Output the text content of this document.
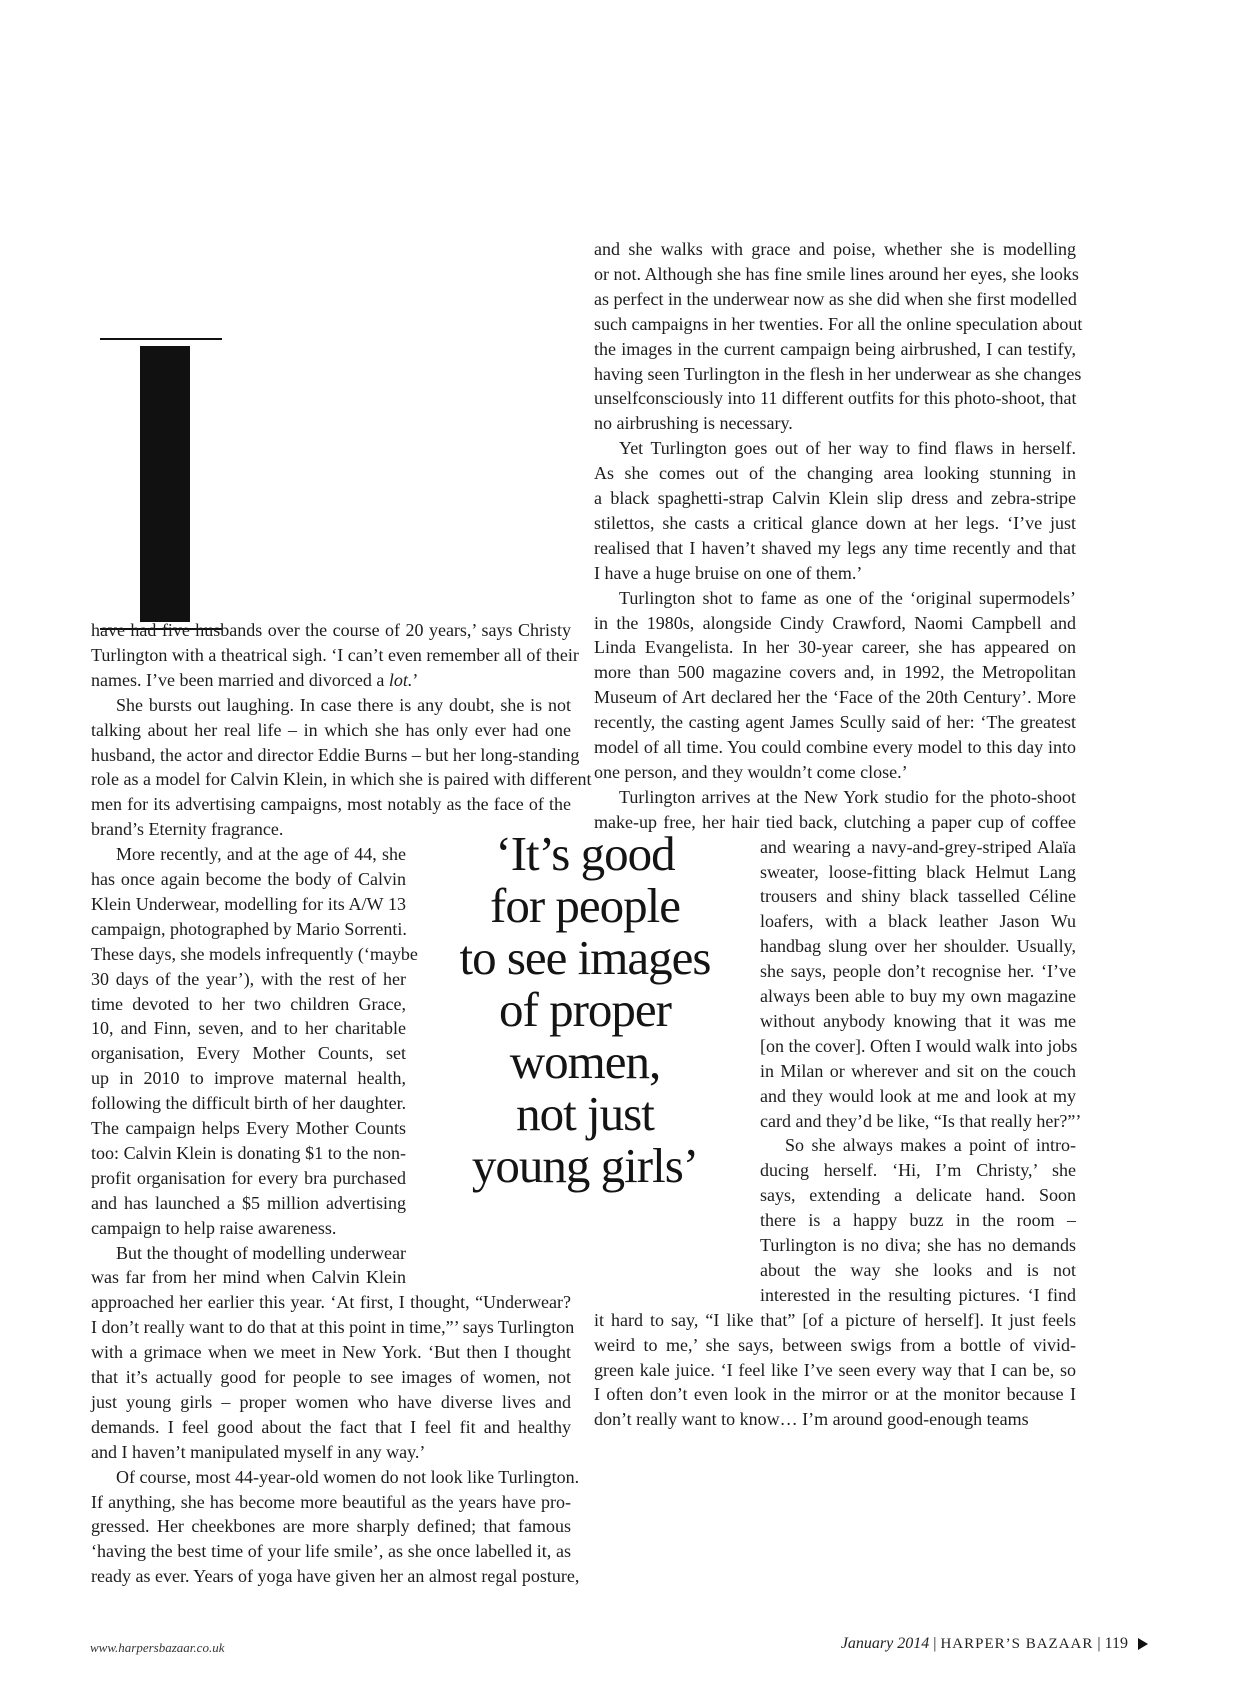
have had five husbands over the course of 20 years,’ says Christy
Turlington with a theatrical sigh. ‘I can’t even remember all of their
names. I’ve been married and divorced a lot.’
She bursts out laughing. In case there is any doubt, she is not
talking about her real life – in which she has only ever had one
husband, the actor and director Eddie Burns – but her long-standing
role as a model for Calvin Klein, in which she is paired with different
men for its advertising campaigns, most notably as the face of the
brand’s Eternity fragrance.
More recently, and at the age of 44, she
has once again become the body of Calvin
Klein Underwear, modelling for its A/W 13
campaign, photographed by Mario Sorrenti.
These days, she models infrequently (‘maybe
30 days of the year’), with the rest of her
time devoted to her two children Grace,
10, and Finn, seven, and to her charitable
organisation, Every Mother Counts, set
up in 2010 to improve maternal health,
following the difficult birth of her daughter.
The campaign helps Every Mother Counts
too: Calvin Klein is donating $1 to the non-
profit organisation for every bra purchased
and has launched a $5 million advertising
campaign to help raise awareness.
But the thought of modelling underwear
was far from her mind when Calvin Klein
approached her earlier this year. ‘At first, I thought, “Underwear?
I don’t really want to do that at this point in time,”’ says Turlington
with a grimace when we meet in New York. ‘But then I thought
that it’s actually good for people to see images of women, not
just young girls – proper women who have diverse lives and
demands. I feel good about the fact that I feel fit and healthy
and I haven’t manipulated myself in any way.’
Of course, most 44-year-old women do not look like Turlington.
If anything, she has become more beautiful as the years have pro-
gressed. Her cheekbones are more sharply defined; that famous
‘having the best time of your life smile’, as she once labelled it, as
ready as ever. Years of yoga have given her an almost regal posture,
and she walks with grace and poise, whether she is modelling
or not. Although she has fine smile lines around her eyes, she looks
as perfect in the underwear now as she did when she first modelled
such campaigns in her twenties. For all the online speculation about
the images in the current campaign being airbrushed, I can testify,
having seen Turlington in the flesh in her underwear as she changes
unselfconsciously into 11 different outfits for this photo-shoot, that
no airbrushing is necessary.
Yet Turlington goes out of her way to find flaws in herself.
As she comes out of the changing area looking stunning in
a black spaghetti-strap Calvin Klein slip dress and zebra-stripe
stilettos, she casts a critical glance down at her legs. ‘I’ve just
realised that I haven’t shaved my legs any time recently and that
I have a huge bruise on one of them.’
Turlington shot to fame as one of the ‘original supermodels’
in the 1980s, alongside Cindy Crawford, Naomi Campbell and
Linda Evangelista. In her 30-year career, she has appeared on
more than 500 magazine covers and, in 1992, the Metropolitan
Museum of Art declared her the ‘Face of the 20th Century’. More
recently, the casting agent James Scully said of her: ‘The greatest
model of all time. You could combine every model to this day into
one person, and they wouldn’t come close.’
Turlington arrives at the New York studio for the photo-shoot
make-up free, her hair tied back, clutching a paper cup of coffee
and wearing a navy-and-grey-striped Alaïa
sweater, loose-fitting black Helmut Lang
trousers and shiny black tasselled Céline
loafers, with a black leather Jason Wu
handbag slung over her shoulder. Usually,
she says, people don’t recognise her. ‘I’ve
always been able to buy my own magazine
without anybody knowing that it was me
[on the cover]. Often I would walk into jobs
in Milan or wherever and sit on the couch
and they would look at me and look at my
card and they’d be like, “Is that really her?”’
So she always makes a point of intro-
ducing herself. ‘Hi, I’m Christy,’ she
says, extending a delicate hand. Soon
there is a happy buzz in the room –
Turlington is no diva; she has no demands
about the way she looks and is not
interested in the resulting pictures. ‘I find
it hard to say, “I like that” [of a picture of herself]. It just feels
weird to me,’ she says, between swigs from a bottle of vivid-
green kale juice. ‘I feel like I’ve seen every way that I can be, so
I often don’t even look in the mirror or at the monitor because I
don’t really want to know… I’m around good-enough teams
‘It’s good
for people
to see images
of proper
women,
not just
young girls’
www.harpersbazaar.co.uk	January 2014 | HARPER’S BAZAAR | 119
